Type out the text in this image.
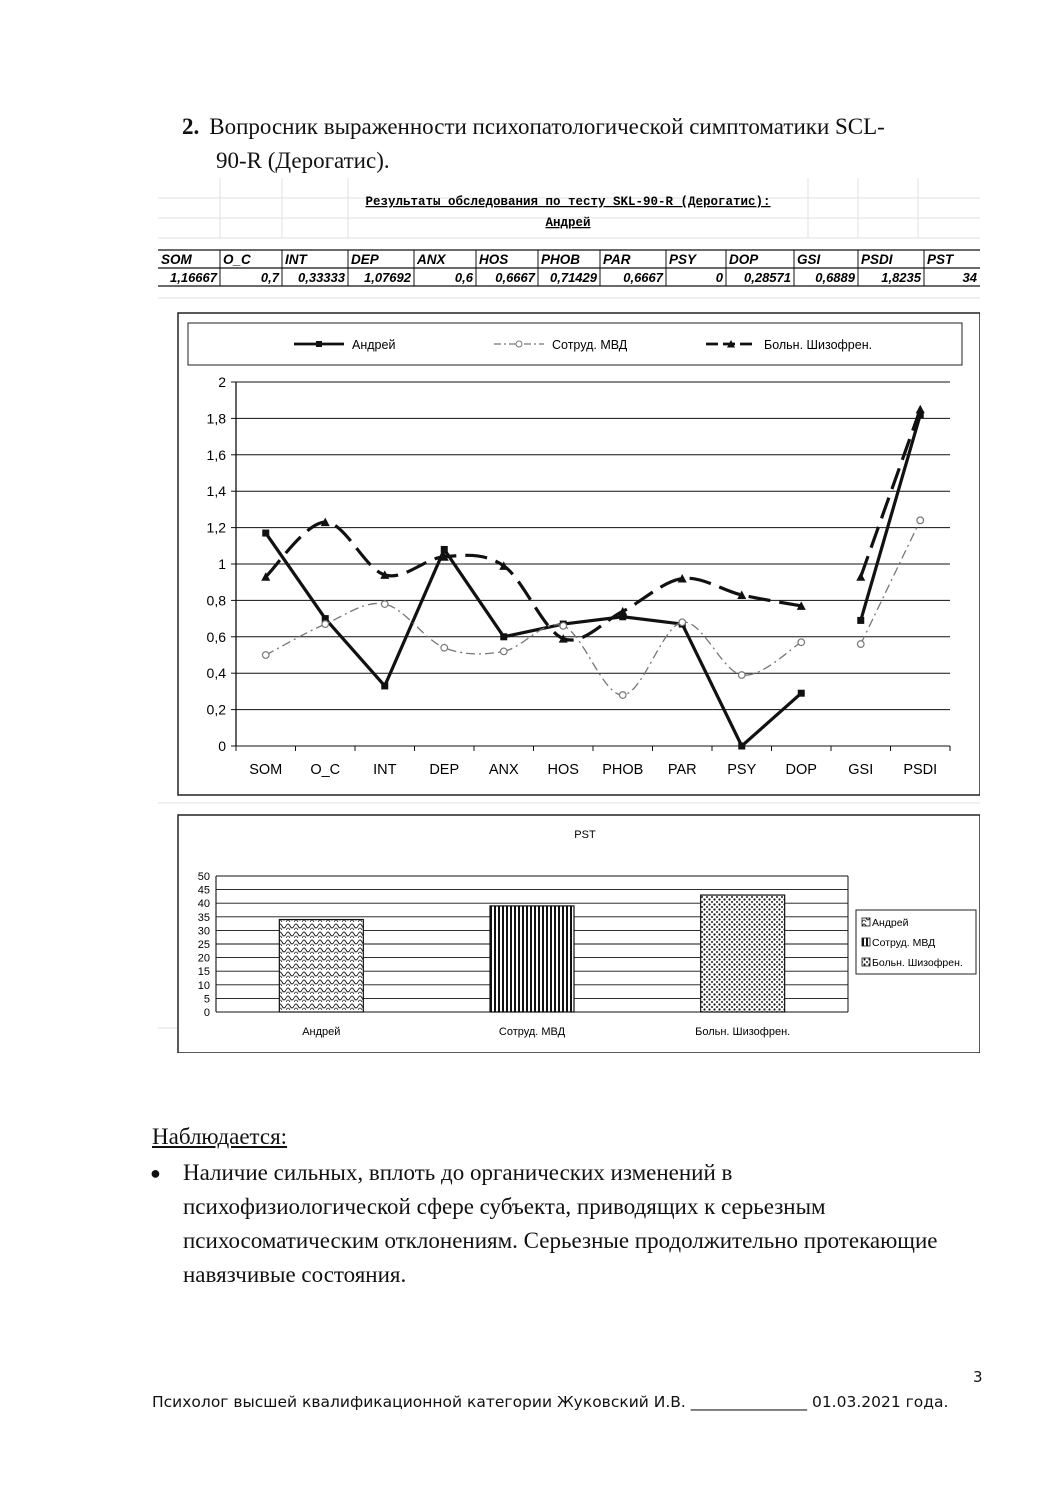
2. Вопросник выраженности психопатологической симптоматики SCL-
90-R (Дерогатис).
Результаты обследования по тесту SKL-90-R (Дерогатис):
Андрей
SOM O_C	INT	DEP	ANX HOS PHOB PAR	PSY DOP	GSI	PSDI	PST
1,16667	0,7 0,33333 1,07692	0,6 0,6667 0,71429 0,6667	0 0,28571 0,6889 1,8235	34
Андрей	Сотруд. МВД	Больн. Шизофрен.
0
0,2
0,4
0,6
0,8
1
1,2
1,4
1,6
1,8
2
SOM O_C INT DEP ANX HOS PHOB PAR PSY DOP GSI PSDI
PST
0
5
10
15
20
25
30
35
40
45
50
Андрей	Сотруд. МВД	Больн. Шизофрен.
Андрей
Сотруд. МВД
Больн. Шизофрен.
Наблюдается:
● Наличие сильных, вплоть до органических изменений в психофизиологической сфере субъекта, приводящих к серьезным психосоматическим отклонениям. Серьезные продолжительно протекающие навязчивые состояния.
3
Психолог высшей квалификационной категории Жуковский И.В. _______________ 01.03.2021 года.
